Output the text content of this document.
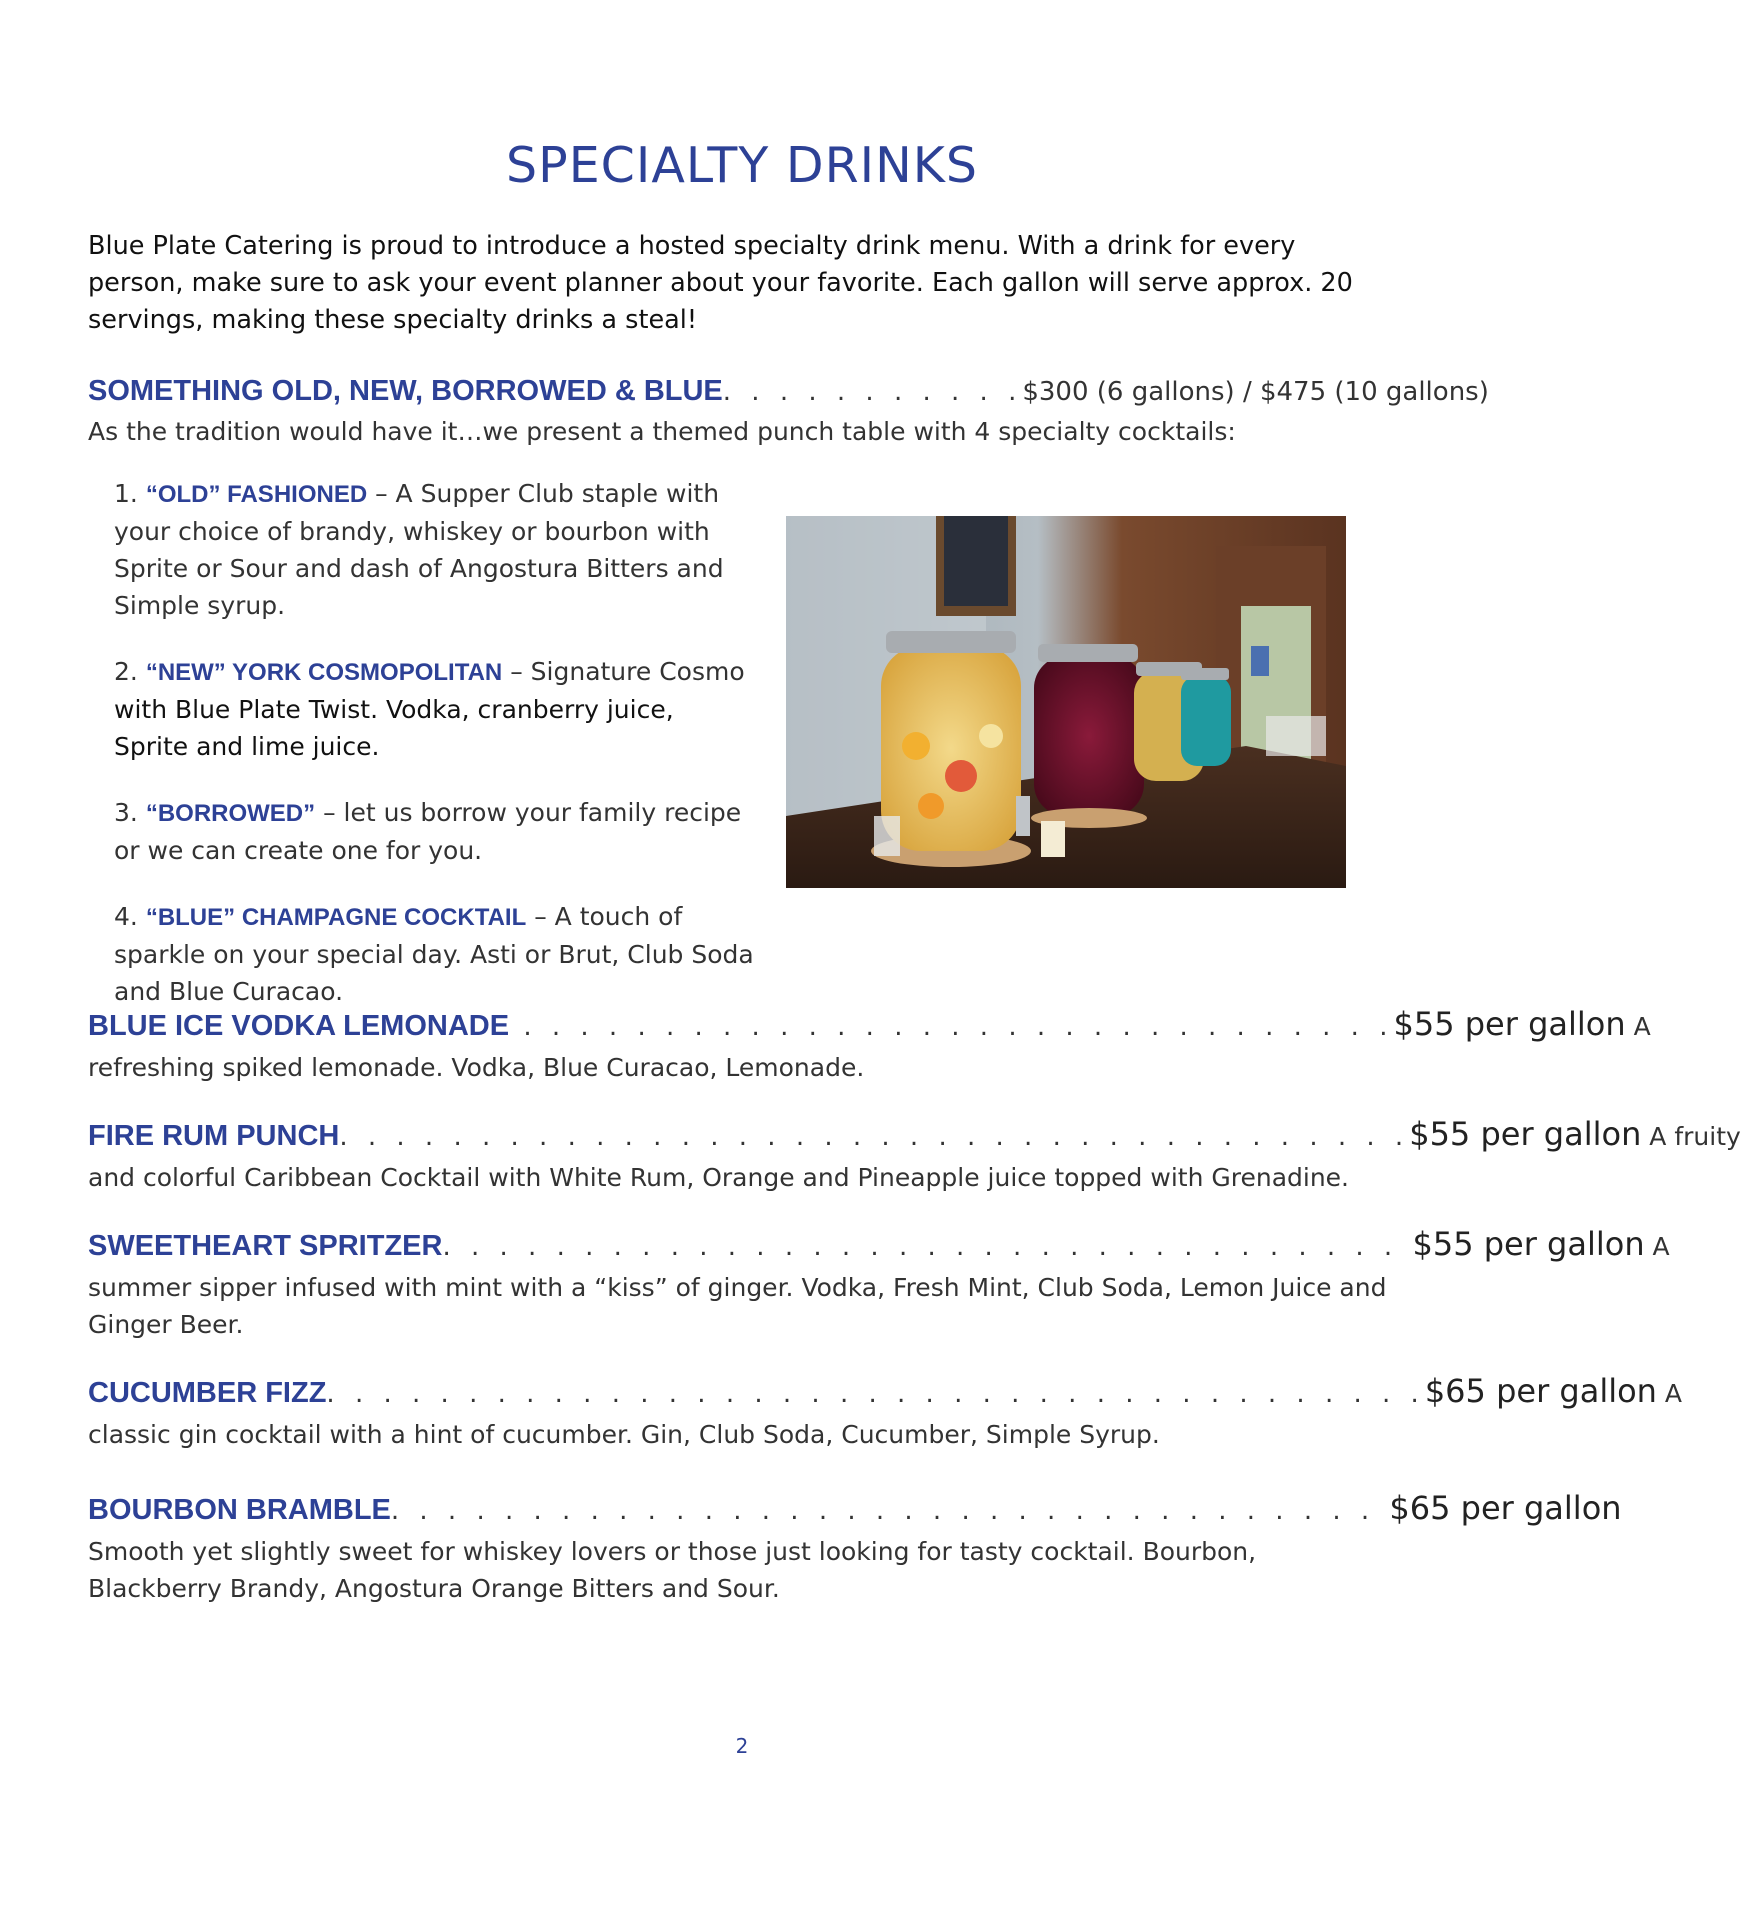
SPECIALTY DRINKS
Blue Plate Catering is proud to introduce a hosted specialty drink menu. With a drink for every person, make sure to ask your event planner about your favorite. Each gallon will serve approx. 20 servings, making these specialty drinks a steal!
SOMETHING OLD, NEW, BORROWED & BLUE. . . . . . . . . . .$300 (6 gallons) / $475 (10 gallons)
As the tradition would have it…we present a themed punch table with 4 specialty cocktails:
1. “OLD” FASHIONED – A Supper Club staple with your choice of brandy, whiskey or bourbon with Sprite or Sour and dash of Angostura Bitters and Simple syrup.
2. “NEW” YORK COSMOPOLITAN – Signature Cosmo with Blue Plate Twist. Vodka, cranberry juice, Sprite and lime juice.
3. “BORROWED” – let us borrow your family recipe or we can create one for you.
4. “BLUE” CHAMPAGNE COCKTAIL – A touch of sparkle on your special day. Asti or Brut, Club Soda and Blue Curacao.
BLUE ICE VODKA LEMONADE . . . . . . . . . . . . . . . . . . . . . . . . . . . . . . .$55 per gallon A
refreshing spiked lemonade. Vodka, Blue Curacao, Lemonade.
FIRE RUM PUNCH. . . . . . . . . . . . . . . . . . . . . . . . . . . . . . . . . . . . . .$55 per gallon A fruity
and colorful Caribbean Cocktail with White Rum, Orange and Pineapple juice topped with Grenadine.
SWEETHEART SPRITZER. . . . . . . . . . . . . . . . . . . . . . . . . . . . . . . . . . $55 per gallon A
summer sipper infused with mint with a “kiss” of ginger. Vodka, Fresh Mint, Club Soda, Lemon Juice and Ginger Beer.
CUCUMBER FIZZ. . . . . . . . . . . . . . . . . . . . . . . . . . . . . . . . . . . . . . .$65 per gallon A
classic gin cocktail with a hint of cucumber. Gin, Club Soda, Cucumber, Simple Syrup.
BOURBON BRAMBLE. . . . . . . . . . . . . . . . . . . . . . . . . . . . . . . . . . . $65 per gallon
Smooth yet slightly sweet for whiskey lovers or those just looking for tasty cocktail. Bourbon, Blackberry Brandy, Angostura Orange Bitters and Sour.
2
